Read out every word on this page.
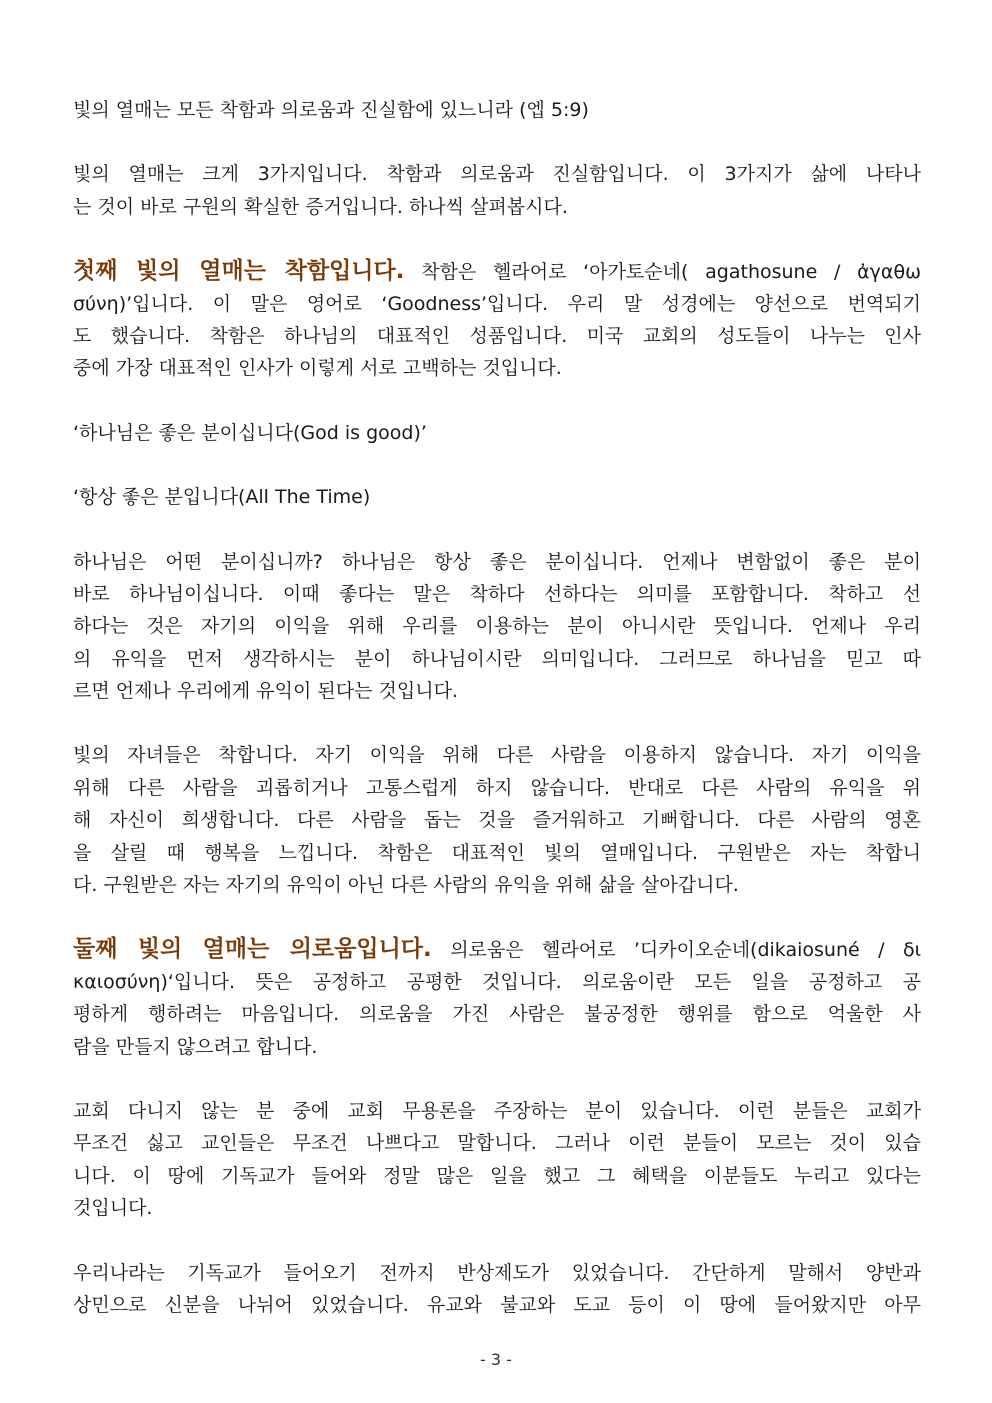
빛의 열매는 모든 착함과 의로움과 진실함에 있느니라 (엡 5:9)
빛의 열매는 크게 3가지입니다. 착함과 의로움과 진실함입니다. 이 3가지가 삶에 나타나
는 것이 바로 구원의 확실한 증거입니다. 하나씩 살펴봅시다.
첫째 빛의 열매는 착함입니다. 착함은 헬라어로 ‘아가토순네( agathosune / ἀγαθω
σύνη)’입니다. 이 말은 영어로 ‘Goodness’입니다. 우리 말 성경에는 양선으로 번역되기
도 했습니다. 착함은 하나님의 대표적인 성품입니다. 미국 교회의 성도들이 나누는 인사
중에 가장 대표적인 인사가 이렇게 서로 고백하는 것입니다.
‘하나님은 좋은 분이십니다(God is good)’
‘항상 좋은 분입니다(All The Time)
하나님은 어떤 분이십니까? 하나님은 항상 좋은 분이십니다. 언제나 변함없이 좋은 분이
바로 하나님이십니다. 이때 좋다는 말은 착하다 선하다는 의미를 포함합니다. 착하고 선
하다는 것은 자기의 이익을 위해 우리를 이용하는 분이 아니시란 뜻입니다. 언제나 우리
의 유익을 먼저 생각하시는 분이 하나님이시란 의미입니다. 그러므로 하나님을 믿고 따
르면 언제나 우리에게 유익이 된다는 것입니다.
빛의 자녀들은 착합니다. 자기 이익을 위해 다른 사람을 이용하지 않습니다. 자기 이익을
위해 다른 사람을 괴롭히거나 고통스럽게 하지 않습니다. 반대로 다른 사람의 유익을 위
해 자신이 희생합니다. 다른 사람을 돕는 것을 즐거워하고 기뻐합니다. 다른 사람의 영혼
을 살릴 때 행복을 느낍니다. 착함은 대표적인 빛의 열매입니다. 구원받은 자는 착합니
다. 구원받은 자는 자기의 유익이 아닌 다른 사람의 유익을 위해 삶을 살아갑니다.
둘째 빛의 열매는 의로움입니다. 의로움은 헬라어로 ’디카이오순네(dikaiosuné / δι
καιοσύνη)‘입니다. 뜻은 공정하고 공평한 것입니다. 의로움이란 모든 일을 공정하고 공
평하게 행하려는 마음입니다. 의로움을 가진 사람은 불공정한 행위를 함으로 억울한 사
람을 만들지 않으려고 합니다.
교회 다니지 않는 분 중에 교회 무용론을 주장하는 분이 있습니다. 이런 분들은 교회가
무조건 싫고 교인들은 무조건 나쁘다고 말합니다. 그러나 이런 분들이 모르는 것이 있습
니다. 이 땅에 기독교가 들어와 정말 많은 일을 했고 그 혜택을 이분들도 누리고 있다는
것입니다.
우리나라는 기독교가 들어오기 전까지 반상제도가 있었습니다. 간단하게 말해서 양반과
상민으로 신분을 나뉘어 있었습니다. 유교와 불교와 도교 등이 이 땅에 들어왔지만 아무
- 3 -
